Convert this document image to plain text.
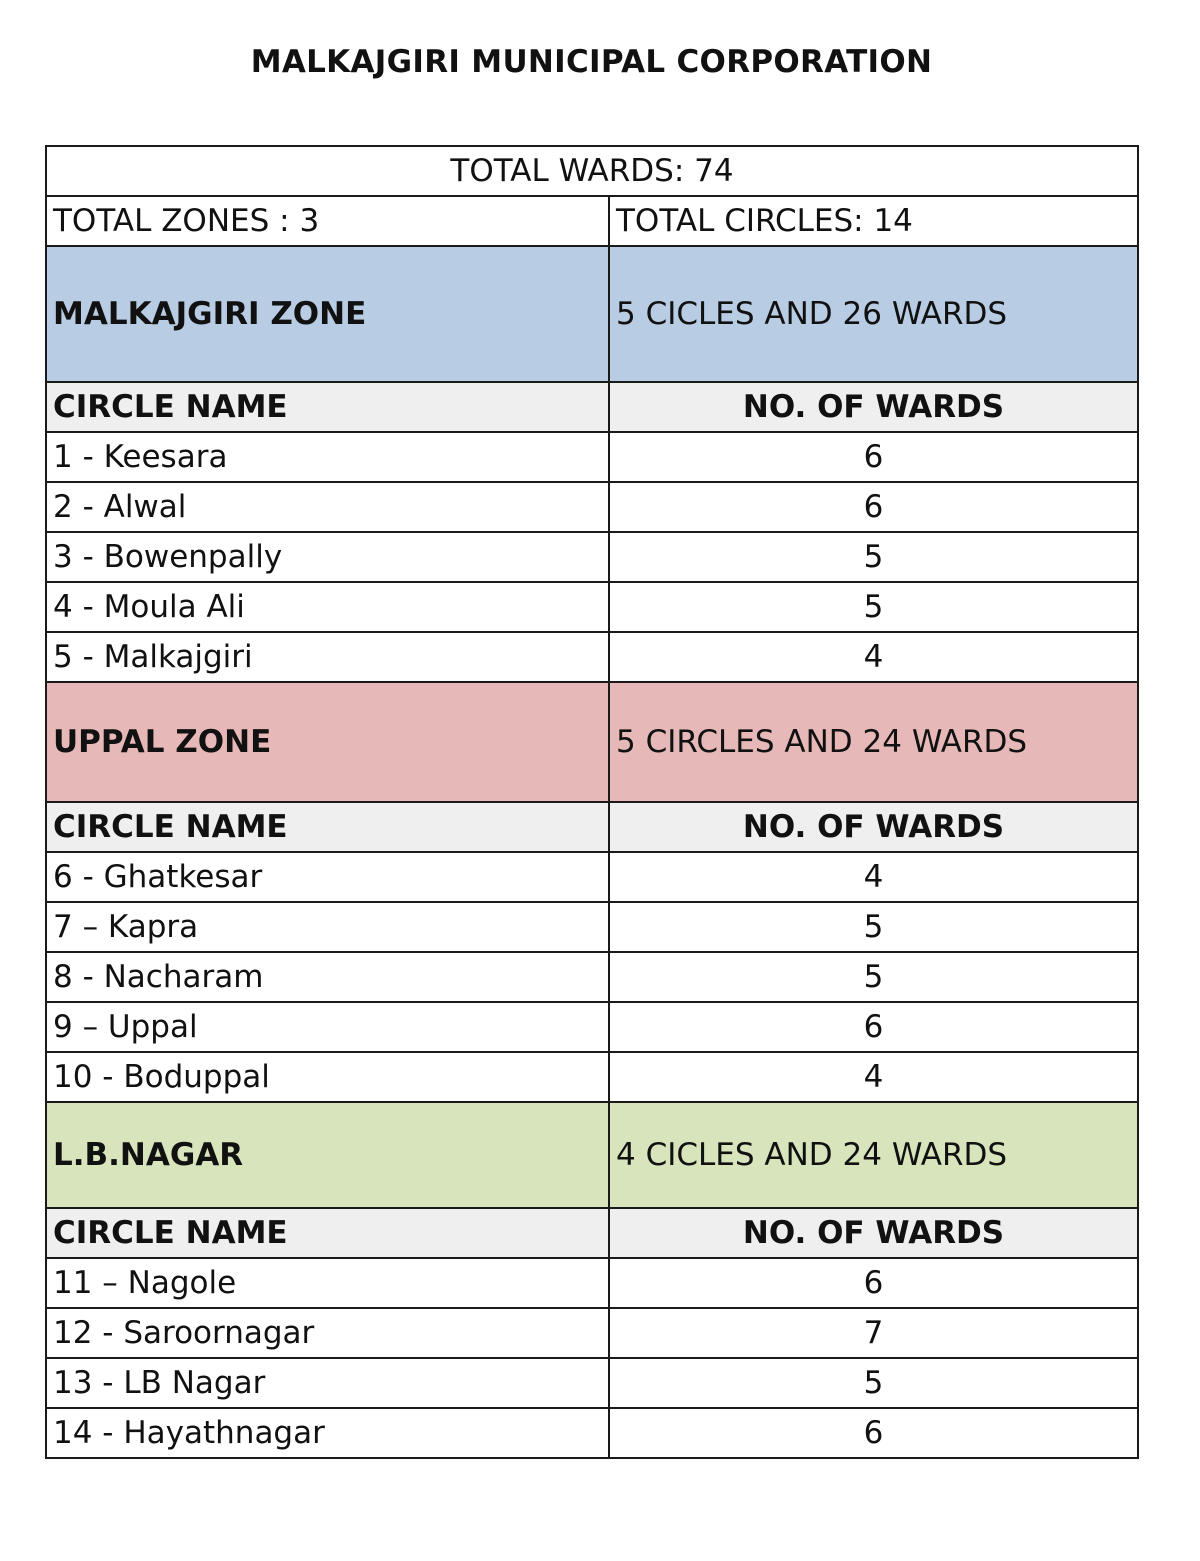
MALKAJGIRI MUNICIPAL CORPORATION
TOTAL WARDS: 74	
TOTAL ZONES : 3	TOTAL CIRCLES: 14
MALKAJGIRI ZONE	5 CICLES AND 26 WARDS
CIRCLE NAME	NO. OF WARDS
1 - Keesara	6
2 - Alwal	6
3 - Bowenpally	5
4 - Moula Ali	5
5 - Malkajgiri	4
UPPAL ZONE	5 CIRCLES AND 24 WARDS
CIRCLE NAME	NO. OF WARDS
6 - Ghatkesar	4
7 – Kapra	5
8 - Nacharam	5
9 – Uppal	6
10 - Boduppal	4
L.B.NAGAR	4 CICLES AND 24 WARDS
CIRCLE NAME	NO. OF WARDS
11 – Nagole	6
12 - Saroornagar	7
13 - LB Nagar	5
14 - Hayathnagar	6
